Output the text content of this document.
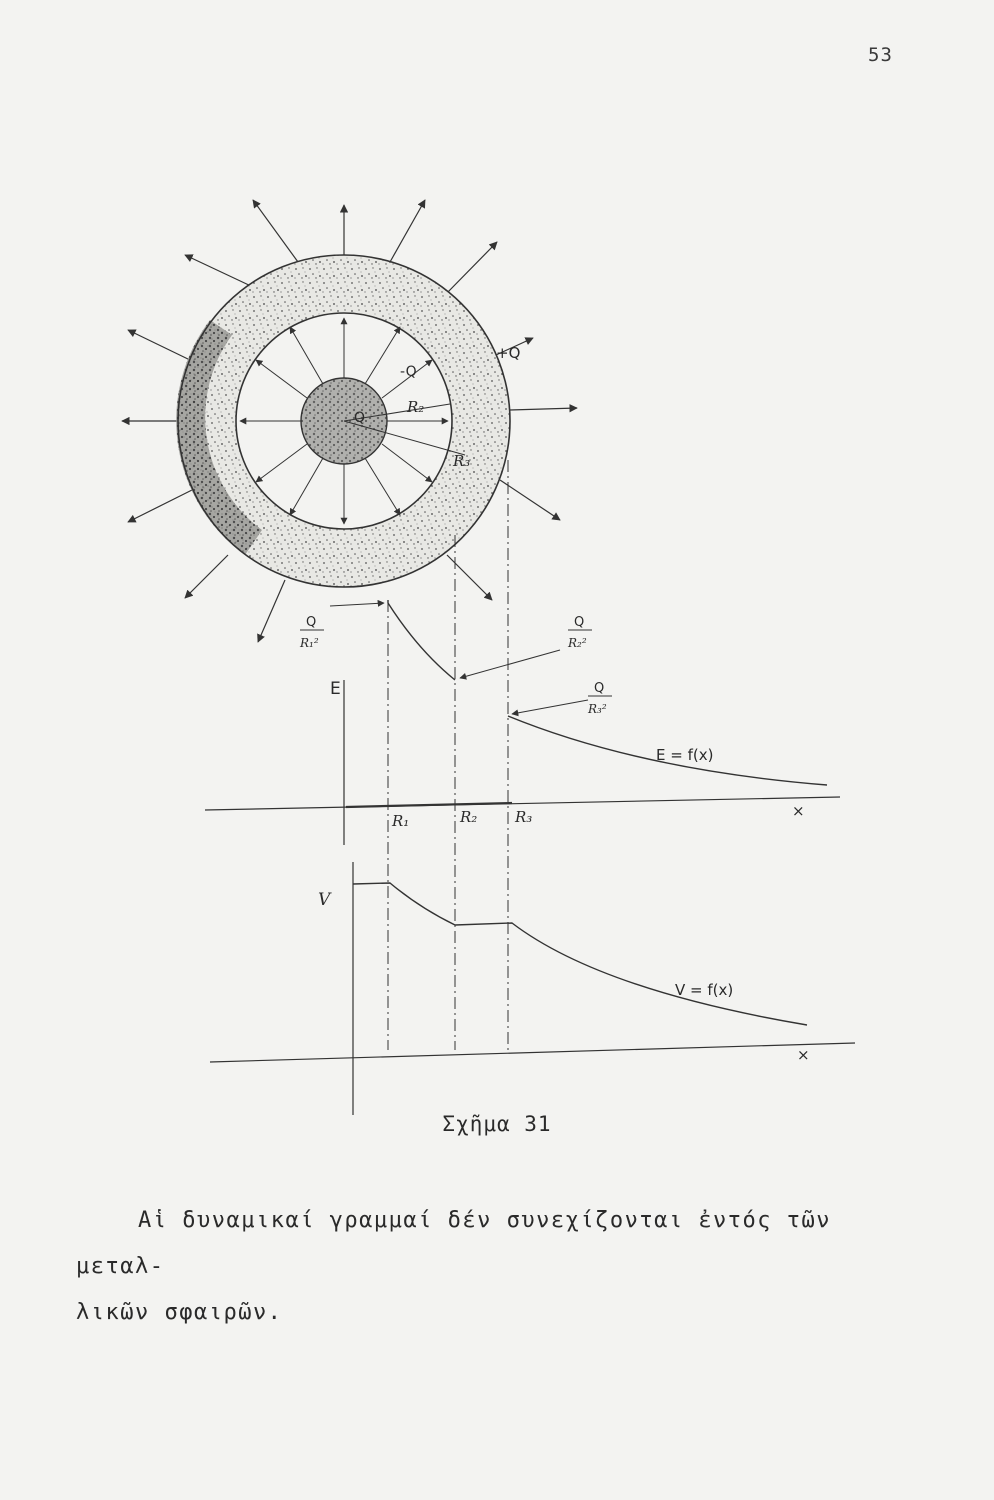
53
+Q
-Q
Q
R₂
R₃
E
E = f(x)
×
R₁	R₂	R₃
Q
R₁²
Q
R₂²
Q
R₃²
V
V = f(x)
×
Σχῆμα 31
Aἱ δυναμικαί γραμμαί δέν συνεχίζονται ἐντός τῶν μεταλ-
λικῶν σφαιρῶν.
